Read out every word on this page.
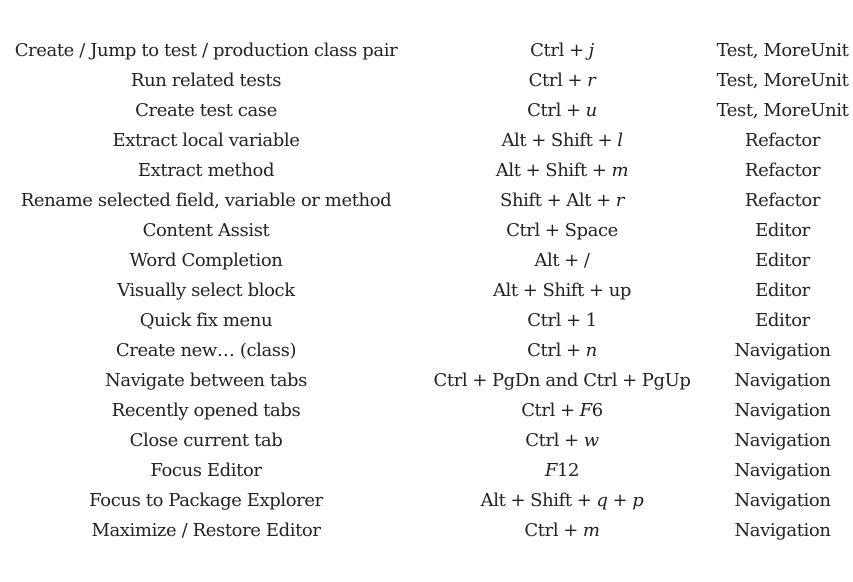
Create / Jump to test / production class pair	Ctrl + j	Test, MoreUnit
Run related tests	Ctrl + r	Test, MoreUnit
Create test case	Ctrl + u	Test, MoreUnit
Extract local variable	Alt + Shift + l	Refactor
Extract method	Alt + Shift + m	Refactor
Rename selected field, variable or method	Shift + Alt + r	Refactor
Content Assist	Ctrl + Space	Editor
Word Completion	Alt + /	Editor
Visually select block	Alt + Shift + up	Editor
Quick fix menu	Ctrl + 1	Editor
Create new… (class)	Ctrl + n	Navigation
Navigate between tabs	Ctrl + PgDn and Ctrl + PgUp	Navigation
Recently opened tabs	Ctrl + F6	Navigation
Close current tab	Ctrl + w	Navigation
Focus Editor	F12	Navigation
Focus to Package Explorer	Alt + Shift + q + p	Navigation
Maximize / Restore Editor	Ctrl + m	Navigation
